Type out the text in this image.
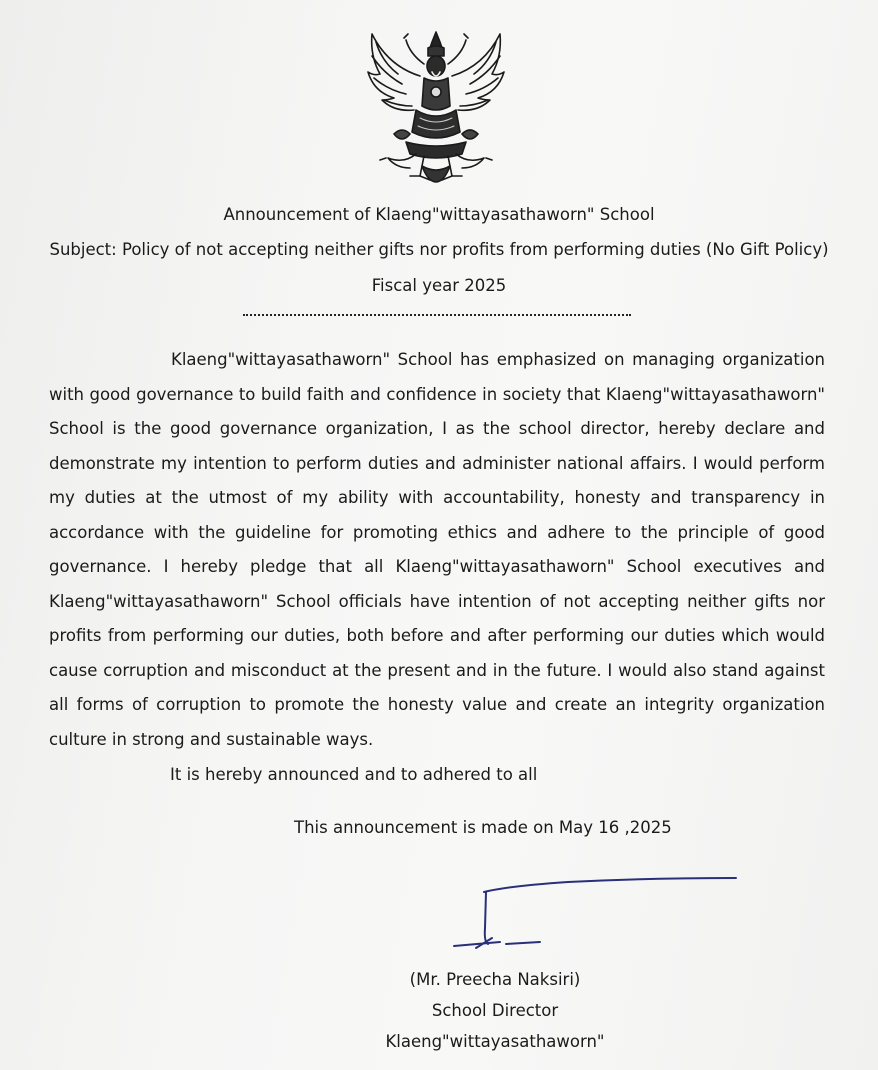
Announcement of Klaeng"wittayasathaworn" School
Subject: Policy of not accepting neither gifts nor profits from performing duties (No Gift Policy)
Fiscal year 2025

Klaeng"wittayasathaworn" School has emphasized on managing organization with good governance to build faith and confidence in society that Klaeng"wittayasathaworn" School is the good governance organization, I as the school director, hereby declare and demonstrate my intention to perform duties and administer national affairs. I would perform my duties at the utmost of my ability with accountability, honesty and transparency in accordance with the guideline for promoting ethics and adhere to the principle of good governance. I hereby pledge that all Klaeng"wittayasathaworn" School executives and Klaeng"wittayasathaworn" School officials have intention of not accepting neither gifts nor profits from performing our duties, both before and after performing our duties which would cause corruption and misconduct at the present and in the future. I would also stand against all forms of corruption to promote the honesty value and create an integrity organization culture in strong and sustainable ways.

It is hereby announced and to adhered to all
This announcement is made on May 16 ,2025
(Mr. Preecha Naksiri)
School Director
Klaeng"wittayasathaworn"
